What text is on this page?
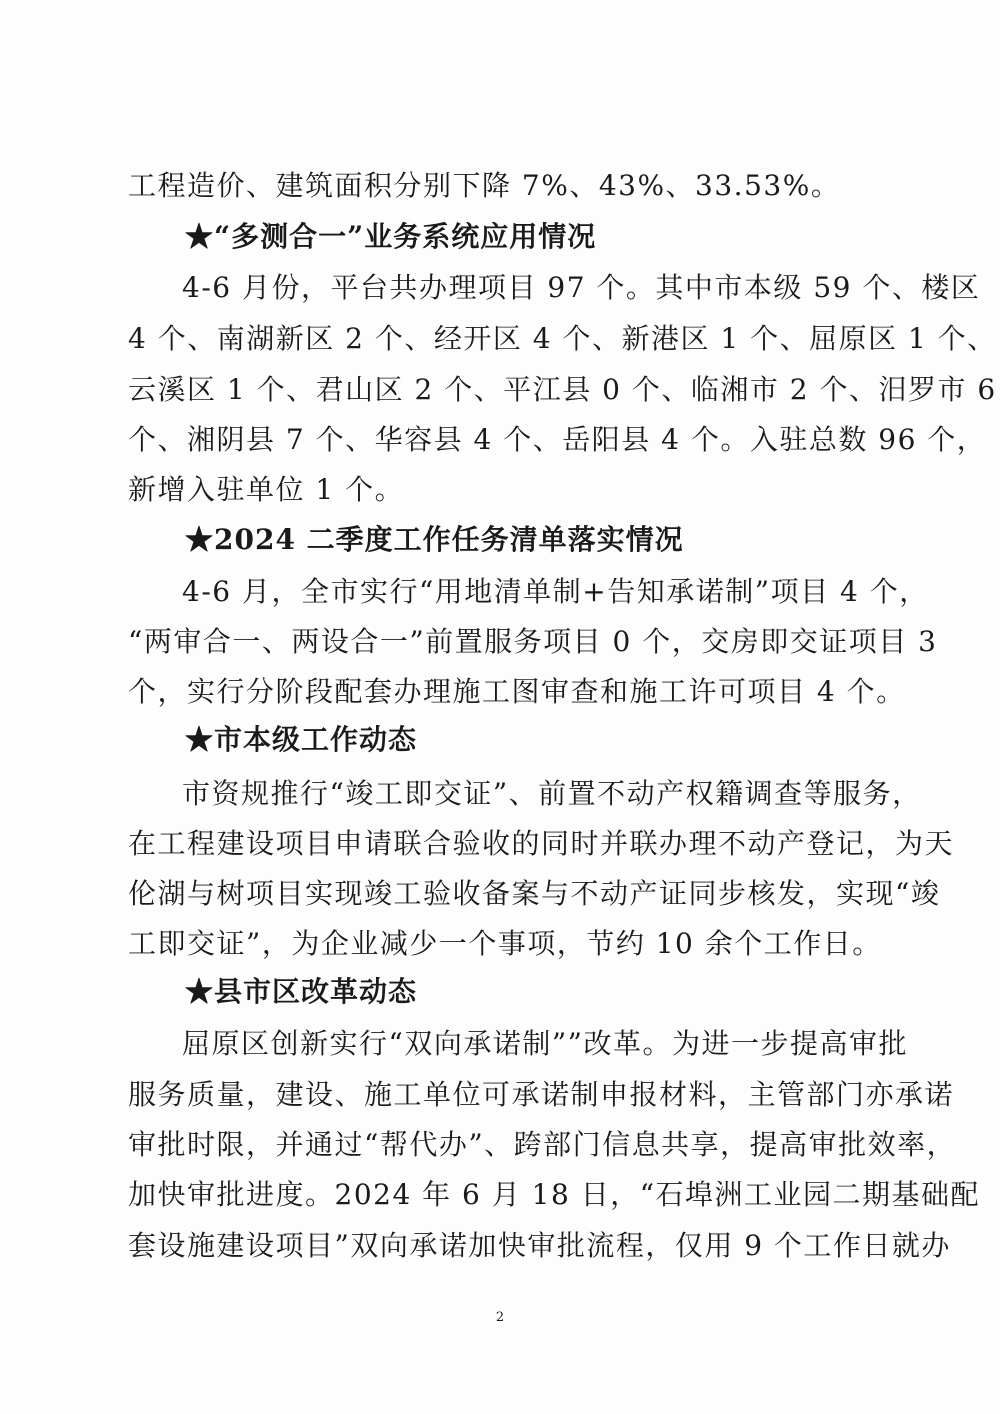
工程造价、建筑面积分别下降 7%、43%、33.53%。
★“多测合一”业务系统应用情况
4-6 月份，平台共办理项目 97 个。其中市本级 59 个、楼区
4 个、南湖新区 2 个、经开区 4 个、新港区 1 个、屈原区 1 个、
云溪区 1 个、君山区 2 个、平江县 0 个、临湘市 2 个、汨罗市 6
个、湘阴县 7 个、华容县 4 个、岳阳县 4 个。入驻总数 96 个，
新增入驻单位 1 个。
★2024 二季度工作任务清单落实情况
4-6 月，全市实行“用地清单制+告知承诺制”项目 4 个，
“两审合一、两设合一”前置服务项目 0 个，交房即交证项目 3
个，实行分阶段配套办理施工图审查和施工许可项目 4 个。
★市本级工作动态
市资规推行“竣工即交证”、前置不动产权籍调查等服务，
在工程建设项目申请联合验收的同时并联办理不动产登记，为天
伦湖与树项目实现竣工验收备案与不动产证同步核发，实现“竣
工即交证”，为企业减少一个事项，节约 10 余个工作日。
★县市区改革动态
屈原区创新实行“双向承诺制””改革。为进一步提高审批
服务质量，建设、施工单位可承诺制申报材料，主管部门亦承诺
审批时限，并通过“帮代办”、跨部门信息共享，提高审批效率，
加快审批进度。2024 年 6 月 18 日，“石埠洲工业园二期基础配
套设施建设项目”双向承诺加快审批流程，仅用 9 个工作日就办
2
